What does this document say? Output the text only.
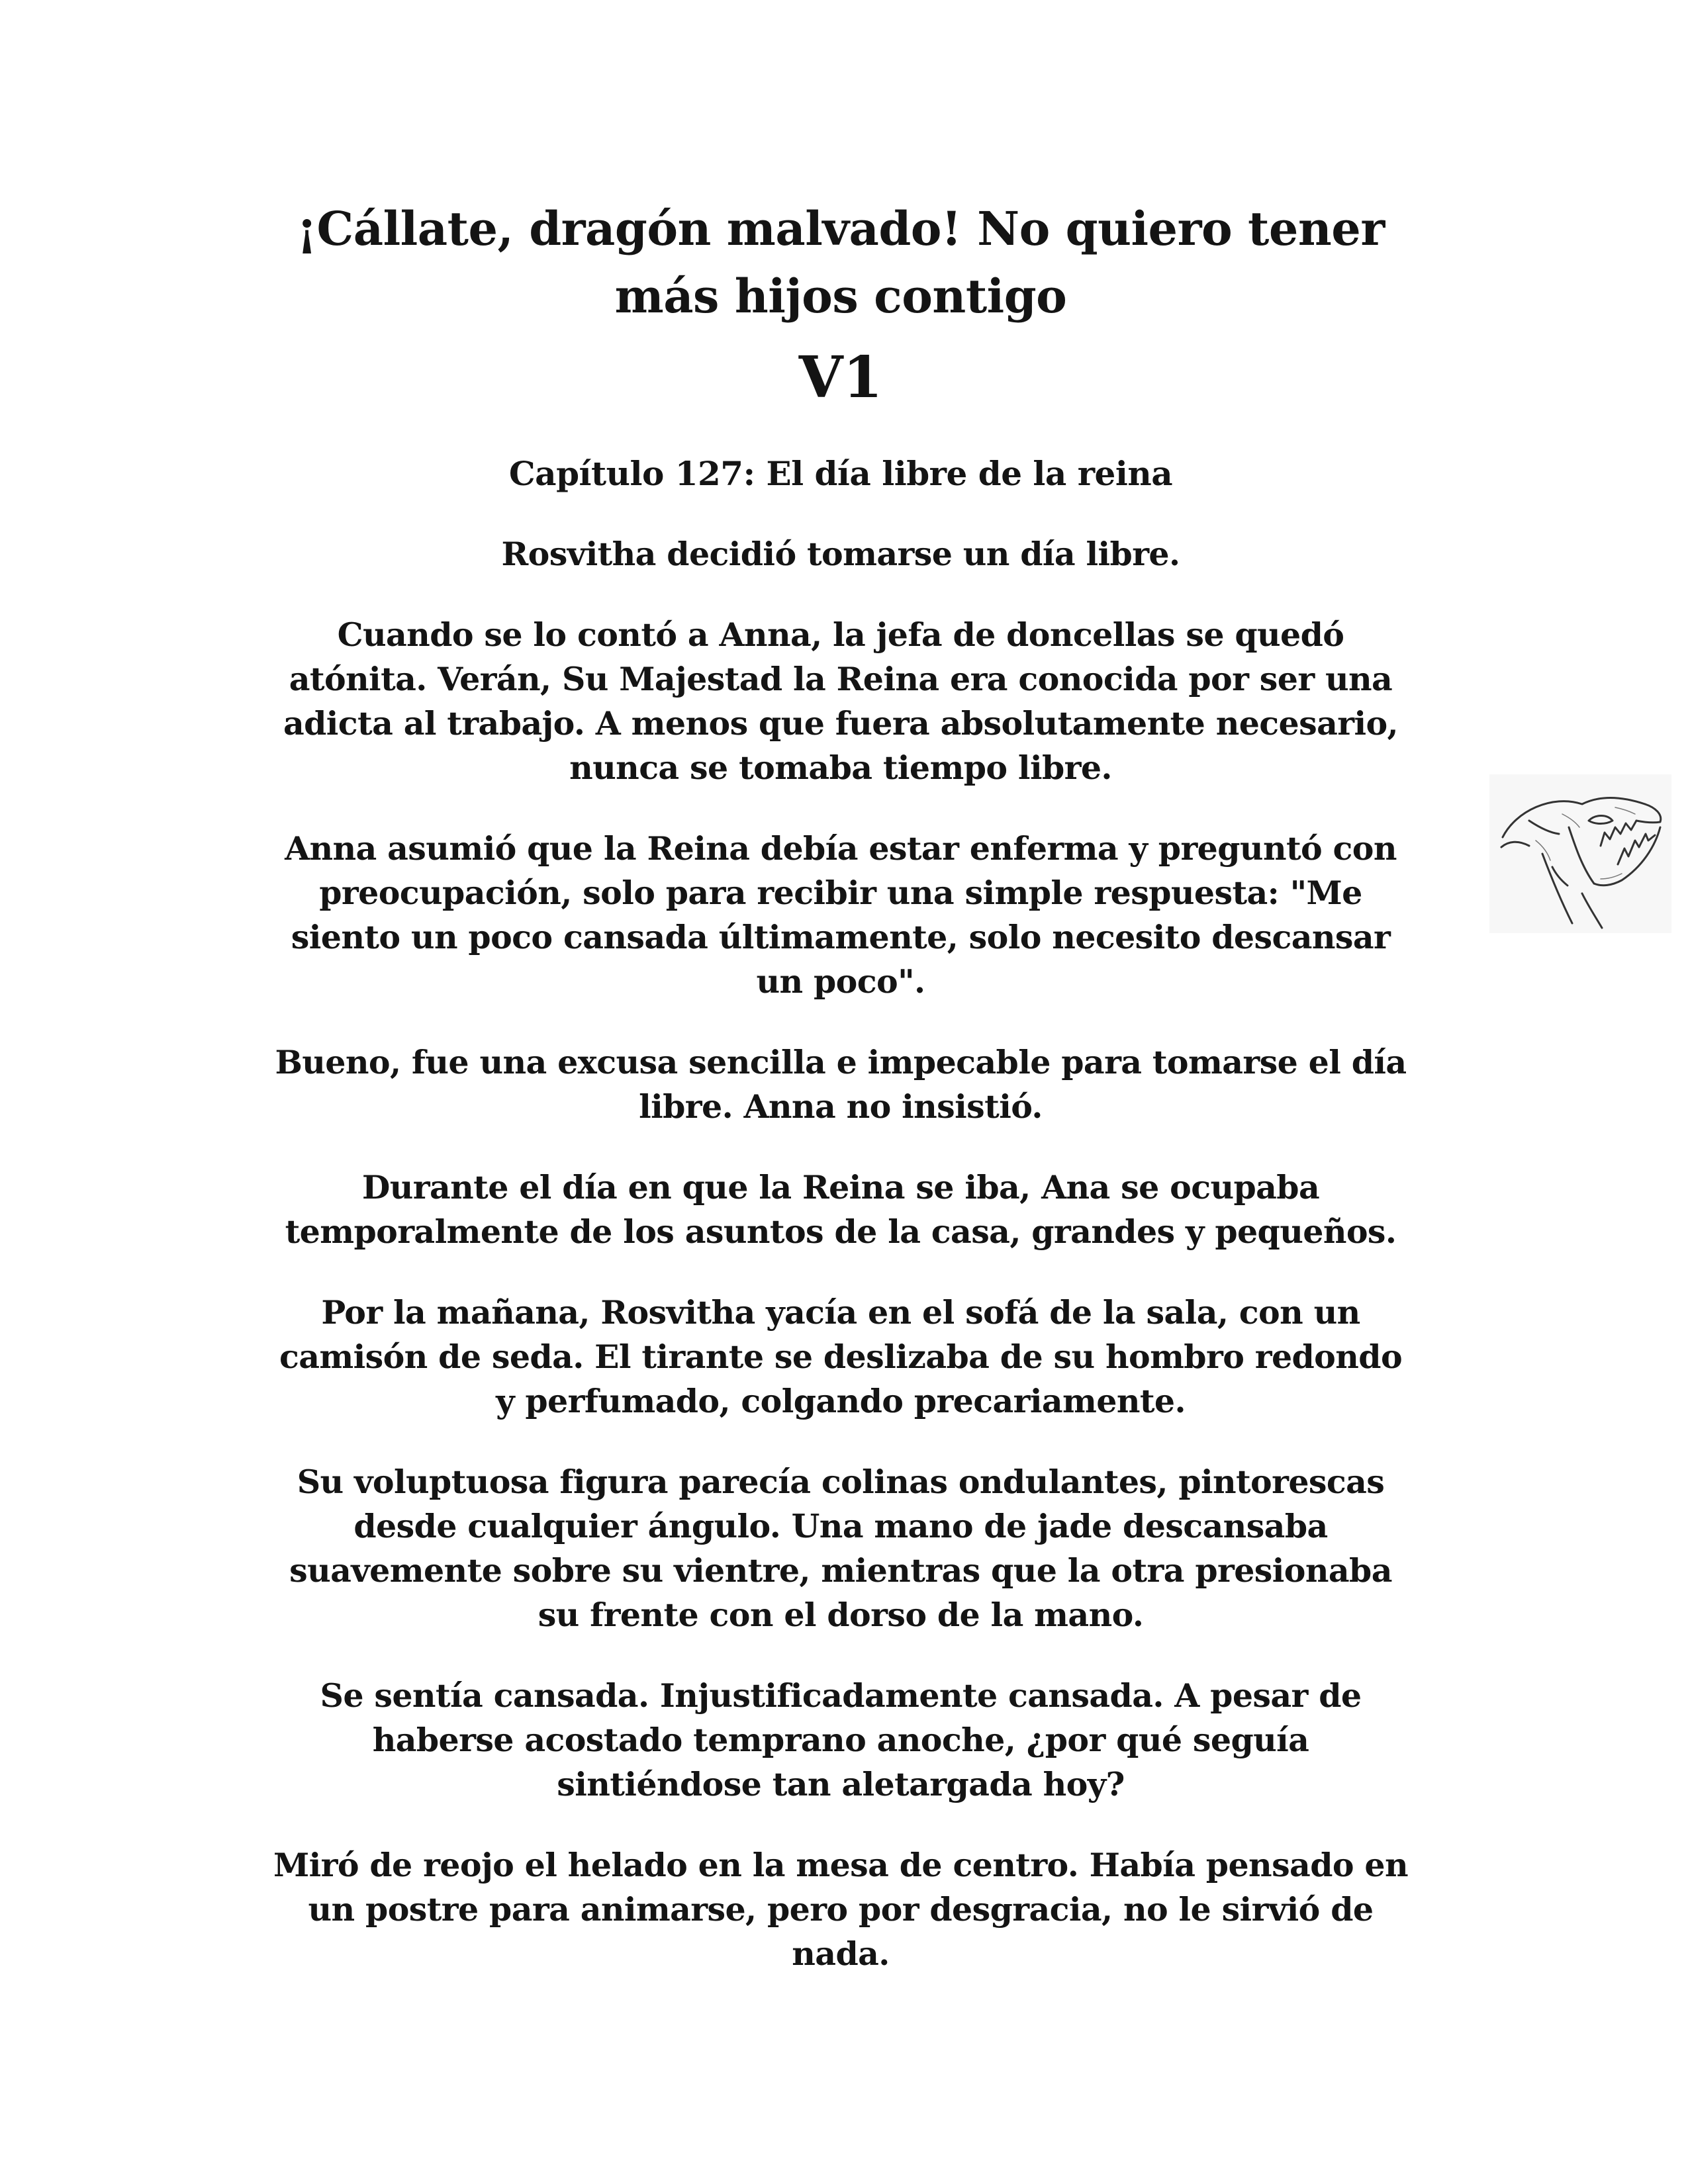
¡Cállate, dragón malvado! No quiero tener
más hijos contigo
V1
Capítulo 127: El día libre de la reina

Rosvitha decidió tomarse un día libre.

Cuando se lo contó a Anna, la jefa de doncellas se quedó
atónita. Verán, Su Majestad la Reina era conocida por ser una
adicta al trabajo. A menos que fuera absolutamente necesario,
nunca se tomaba tiempo libre.

Anna asumió que la Reina debía estar enferma y preguntó con
preocupación, solo para recibir una simple respuesta: "Me
siento un poco cansada últimamente, solo necesito descansar
un poco".

Bueno, fue una excusa sencilla e impecable para tomarse el día
libre. Anna no insistió.

Durante el día en que la Reina se iba, Ana se ocupaba
temporalmente de los asuntos de la casa, grandes y pequeños.

Por la mañana, Rosvitha yacía en el sofá de la sala, con un
camisón de seda. El tirante se deslizaba de su hombro redondo
y perfumado, colgando precariamente.

Su voluptuosa figura parecía colinas ondulantes, pintorescas
desde cualquier ángulo. Una mano de jade descansaba
suavemente sobre su vientre, mientras que la otra presionaba
su frente con el dorso de la mano.

Se sentía cansada. Injustificadamente cansada. A pesar de
haberse acostado temprano anoche, ¿por qué seguía
sintiéndose tan aletargada hoy?

Miró de reojo el helado en la mesa de centro. Había pensado en
un postre para animarse, pero por desgracia, no le sirvió de
nada.
